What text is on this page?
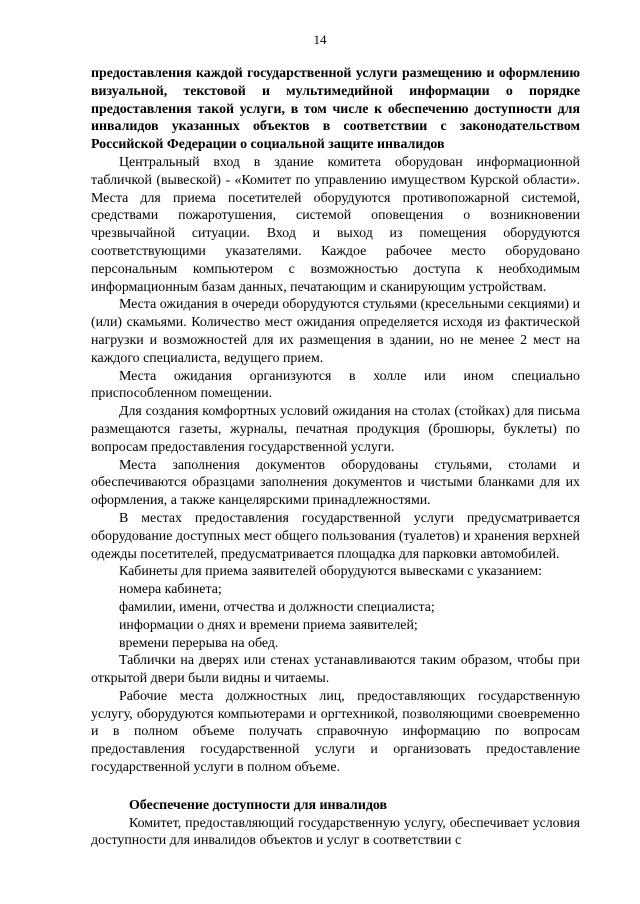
14

предоставления каждой государственной услуги размещению и оформлению визуальной, текстовой и мультимедийной информации о порядке предоставления такой услуги, в том числе к обеспечению доступности для инвалидов указанных объектов в соответствии с законодательством Российской Федерации о социальной защите инвалидов

Центральный вход в здание комитета оборудован информационной табличкой (вывеской) - «Комитет по управлению имуществом Курской области». Места для приема посетителей оборудуются противопожарной системой, средствами пожаротушения, системой оповещения о возникновении чрезвычайной ситуации. Вход и выход из помещения оборудуются соответствующими указателями. Каждое рабочее место оборудовано персональным компьютером с возможностью доступа к необходимым информационным базам данных, печатающим и сканирующим устройствам.

Места ожидания в очереди оборудуются стульями (кресельными секциями) и (или) скамьями. Количество мест ожидания определяется исходя из фактической нагрузки и возможностей для их размещения в здании, но не менее 2 мест на каждого специалиста, ведущего прием.

Места ожидания организуются в холле или ином специально приспособленном помещении.

Для создания комфортных условий ожидания на столах (стойках) для письма размещаются газеты, журналы, печатная продукция (брошюры, буклеты) по вопросам предоставления государственной услуги.

Места заполнения документов оборудованы стульями, столами и обеспечиваются образцами заполнения документов и чистыми бланками для их оформления, а также канцелярскими принадлежностями.

В местах предоставления государственной услуги предусматривается оборудование доступных мест общего пользования (туалетов) и хранения верхней одежды посетителей, предусматривается площадка для парковки автомобилей.

Кабинеты для приема заявителей оборудуются вывесками с указанием:

номера кабинета;

фамилии, имени, отчества и должности специалиста;

информации о днях и времени приема заявителей;

времени перерыва на обед.

Таблички на дверях или стенах устанавливаются таким образом, чтобы при открытой двери были видны и читаемы.

Рабочие места должностных лиц, предоставляющих государственную услугу, оборудуются компьютерами и оргтехникой, позволяющими своевременно и в полном объеме получать справочную информацию по вопросам предоставления государственной услуги и организовать предоставление государственной услуги в полном объеме.

Обеспечение доступности для инвалидов

Комитет, предоставляющий государственную услугу, обеспечивает условия доступности для инвалидов объектов и услуг в соответствии с
